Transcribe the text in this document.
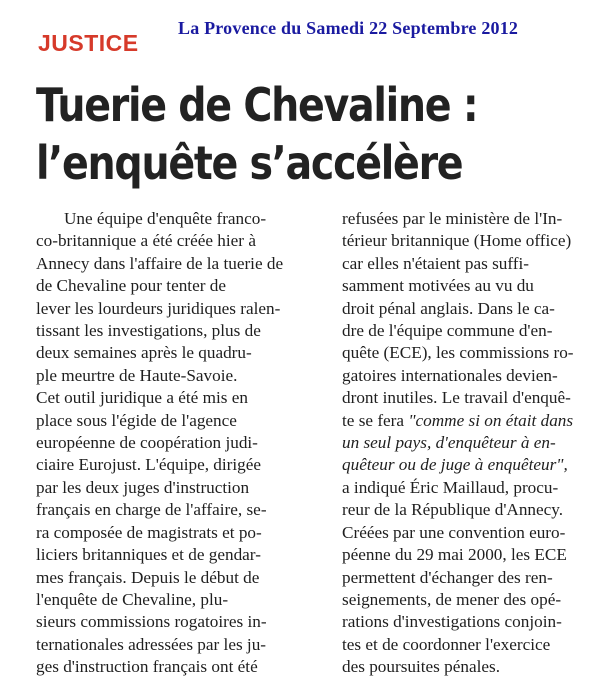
La Provence du Samedi 22 Septembre 2012
JUSTICE
Tuerie de Chevaline :
l’enquête s’accélère
Une équipe d'enquête franco-
co-britannique a été créée hier à
Annecy dans l'affaire de la tuerie de
de Chevaline pour tenter de
lever les lourdeurs juridiques ralen-
tissant les investigations, plus de
deux semaines après le quadru-
ple meurtre de Haute-Savoie.
Cet outil juridique a été mis en
place sous l'égide de l'agence
européenne de coopération judi-
ciaire Eurojust. L'équipe, dirigée
par les deux juges d'instruction
français en charge de l'affaire, se-
ra composée de magistrats et po-
liciers britanniques et de gendar-
mes français. Depuis le début de
l'enquête de Chevaline, plu-
sieurs commissions rogatoires in-
ternationales adressées par les ju-
ges d'instruction français ont été
refusées par le ministère de l'In-
térieur britannique (Home office)
car elles n'étaient pas suffi-
samment motivées au vu du
droit pénal anglais. Dans le ca-
dre de l'équipe commune d'en-
quête (ECE), les commissions ro-
gatoires internationales devien-
dront inutiles. Le travail d'enquê-
te se fera "comme si on était dans
un seul pays, d'enquêteur à en-
quêteur ou de juge à enquêteur",
a indiqué Éric Maillaud, procu-
reur de la République d'Annecy.
Créées par une convention euro-
péenne du 29 mai 2000, les ECE
permettent d'échanger des ren-
seignements, de mener des opé-
rations d'investigations conjoin-
tes et de coordonner l'exercice
des poursuites pénales.
